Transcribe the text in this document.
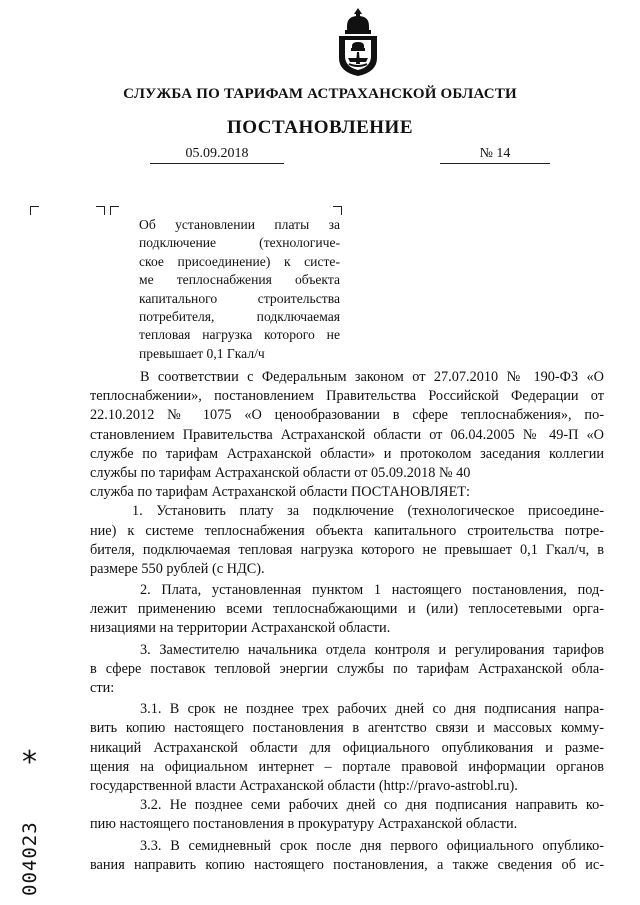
СЛУЖБА ПО ТАРИФАМ АСТРАХАНСКОЙ ОБЛАСТИ
ПОСТАНОВЛЕНИЕ
05.09.2018	№ 14
Об установлении платы за
подключение (технологиче-
ское присоединение) к систе-
ме теплоснабжения объекта
капитального строительства
потребителя, подключаемая
тепловая нагрузка которого не
превышает 0,1 Гкал/ч
В соответствии с Федеральным законом от 27.07.2010 № 190-ФЗ «О
теплоснабжении», постановлением Правительства Российской Федерации от
22.10.2012 № 1075 «О ценообразовании в сфере теплоснабжения», по-
становлением Правительства Астраханской области от 06.04.2005 № 49-П «О
службе по тарифам Астраханской области» и протоколом заседания коллегии
службы по тарифам Астраханской области от 05.09.2018 № 40
служба по тарифам Астраханской области ПОСТАНОВЛЯЕТ:
1. Установить плату за подключение (технологическое присоедине-
ние) к системе теплоснабжения объекта капитального строительства потре-
бителя, подключаемая тепловая нагрузка которого не превышает 0,1 Гкал/ч, в
размере 550 рублей (с НДС).
2. Плата, установленная пунктом 1 настоящего постановления, под-
лежит применению всеми теплоснабжающими и (или) теплосетевыми орга-
низациями на территории Астраханской области.
3. Заместителю начальника отдела контроля и регулирования тарифов
в сфере поставок тепловой энергии службы по тарифам Астраханской обла-
сти:
3.1. В срок не позднее трех рабочих дней со дня подписания напра-
вить копию настоящего постановления в агентство связи и массовых комму-
никаций Астраханской области для официального опубликования и разме-
щения на официальном интернет – портале правовой информации органов
государственной власти Астраханской области (http://pravo-astrobl.ru).
3.2. Не позднее семи рабочих дней со дня подписания направить ко-
пию настоящего постановления в прокуратуру Астраханской области.
3.3. В семидневный срок после дня первого официального опублико-
вания направить копию настоящего постановления, а также сведения об ис-
*
004023
